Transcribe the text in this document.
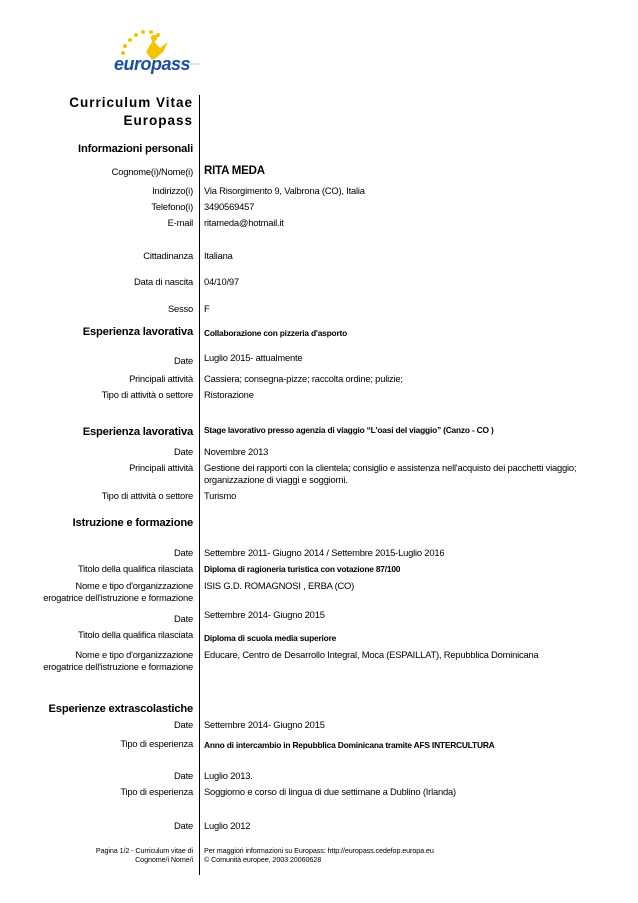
europass
Curriculum Vitae
Europass
Informazioni personali
Cognome(i)/Nome(i) RITA MEDA
Indirizzo(i) Via Risorgimento 9, Valbrona (CO), Italia
Telefono(i) 3490569457
E-mail ritameda@hotmail.it
Cittadinanza Italiana
Data di nascita 04/10/97
Sesso F
Esperienza lavorativa Collaborazione con pizzeria d'asporto
Date Luglio 2015- attualmente
Principali attività Cassiera; consegna-pizze; raccolta ordine; pulizie;
Tipo di attività o settore Ristorazione
Esperienza lavorativa Stage lavorativo presso agenzia di viaggio “L'oasi del viaggio” (Canzo - CO )
Date Novembre 2013
Principali attività Gestione dei rapporti con la clientela; consiglio e assistenza nell'acquisto dei pacchetti viaggio;
organizzazione di viaggi e soggiorni.
Tipo di attività o settore Turismo
Istruzione e formazione
Date Settembre 2011- Giugno 2014 / Settembre 2015-Luglio 2016
Titolo della qualifica rilasciata Diploma di ragioneria turistica con votazione 87/100
Nome e tipo d'organizzazione
erogatrice dell'istruzione e formazione
ISIS G.D. ROMAGNOSI , ERBA (CO)
Date Settembre 2014- Giugno 2015
Titolo della qualifica rilasciata Diploma di scuola media superiore
Nome e tipo d'organizzazione
erogatrice dell'istruzione e formazione
Educare, Centro de Desarrollo Integral, Moca (ESPAILLAT), Repubblica Dominicana
Esperienze extrascolastiche
Date Settembre 2014- Giugno 2015
Tipo di esperienza Anno di intercambio in Repubblica Dominicana tramite AFS INTERCULTURA
Date Luglio 2013.
Tipo di esperienza Soggiorno e corso di lingua di due settimane a Dublino (Irlanda)
Date Luglio 2012
Pagina 1/2 - Curriculum vitae di
Cognome/i Nome/i
Per maggiori informazioni su Europass: http://europass.cedefop.europa.eu
© Comunità europee, 2003 20060628
